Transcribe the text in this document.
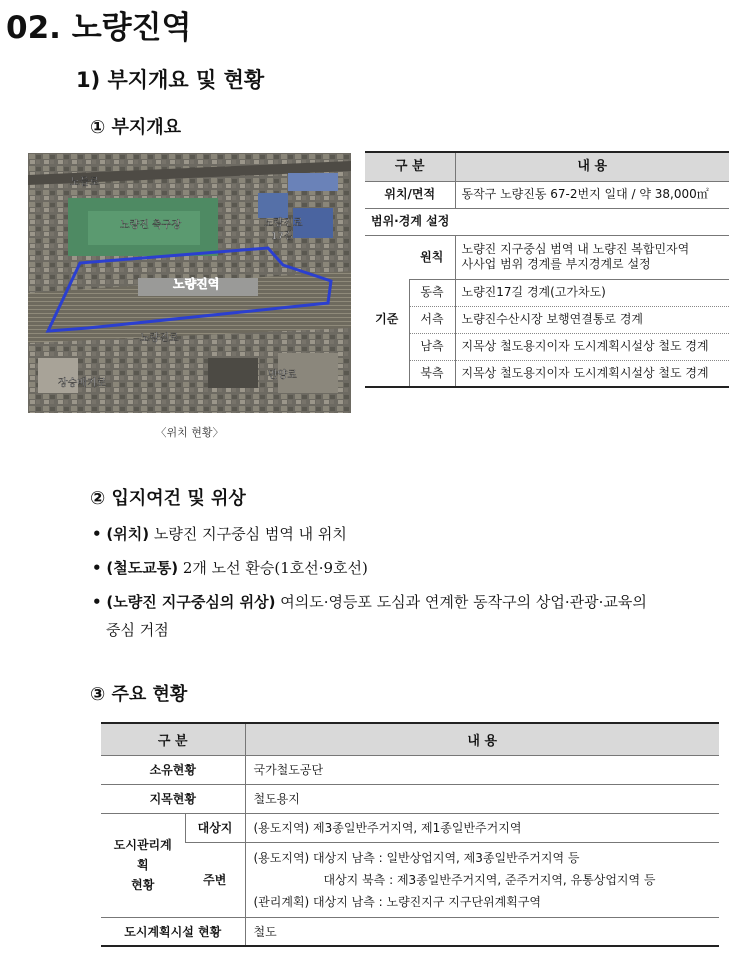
02. 노량진역
1) 부지개요 및 현황
① 부지개요
노들로
노량진 축구장	노량진로
17길
노량진로
만양로
장승배기로
노량진역
〈위치 현황〉
구 분		내 용
위치/면적		동작구 노량진동 67-2번지 일대 / 약 38,000㎡
범위·경계 설정		
	원칙	노량진 지구중심 범역 내 노량진 복합민자역
사사업 범위 경계를 부지경계로 설정

	동측	노량진17길 경계(고가차도)
기준	서측	노량진수산시장 보행연결통로 경계
	남측	지목상 철도용지이자 도시계획시설상 철도 경계
	북측	지목상 철도용지이자 도시계획시설상 철도 경계
② 입지여건 및 위상
• (위치) 노량진 지구중심 범역 내 위치
• (철도교통) 2개 노선 환승(1호선·9호선)
• (노량진 지구중심의 위상) 여의도·영등포 도심과 연계한 동작구의 상업·관광·교육의
중심 거점
③ 주요 현황
구 분		내 용
소유현황		국가철도공단
지목현황		철도용지

도시관리계획
현황	대상지	(용도지역) 제3종일반주거지역, 제1종일반주거지역
	주변	(용도지역) 대상지 남측 : 일반상업지역, 제3종일반주거지역 등
대상지 북측 : 제3종일반주거지역, 준주거지역, 유통상업지역 등
(관리계획) 대상지 남측 : 노량진지구 지구단위계획구역

도시계획시설 현황		철도
